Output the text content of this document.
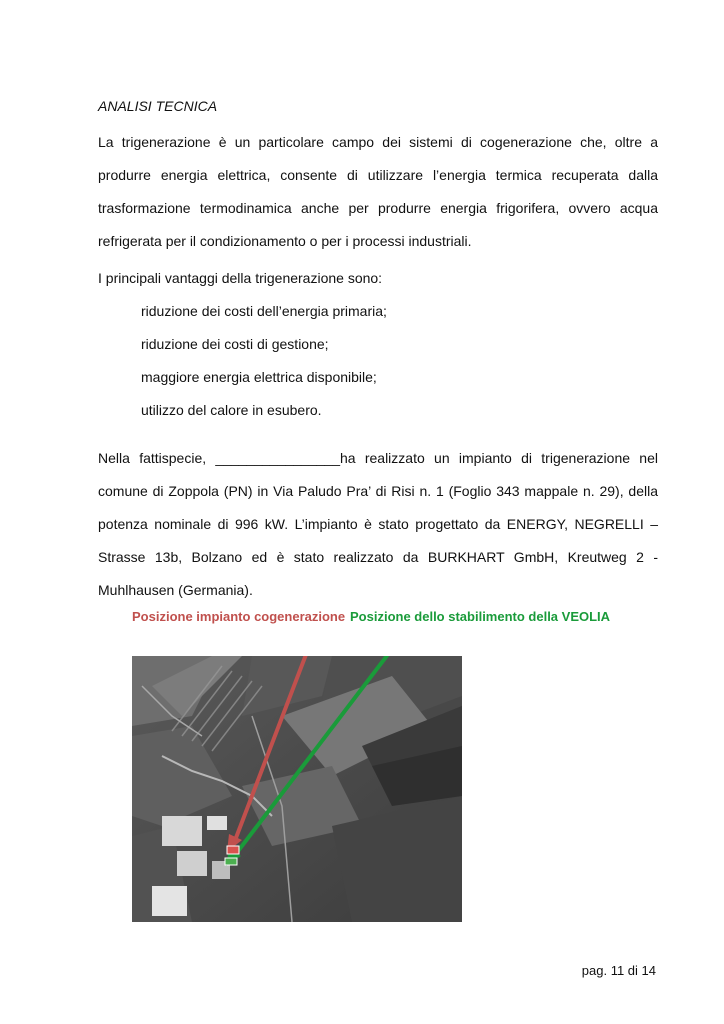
ANALISI TECNICA
La trigenerazione è un particolare campo dei sistemi di cogenerazione che, oltre a produrre energia elettrica, consente di utilizzare l’energia termica recuperata dalla trasformazione termodinamica anche per produrre energia frigorifera, ovvero acqua refrigerata per il condizionamento o per i processi industriali.
I principali vantaggi della trigenerazione sono:
riduzione dei costi dell’energia primaria;
riduzione dei costi di gestione;
maggiore energia elettrica disponibile;
utilizzo del calore in esubero.
Nella fattispecie, ________________ha realizzato un impianto di trigenerazione nel comune di Zoppola (PN) in Via Paludo Pra’ di Risi n. 1 (Foglio 343 mappale n. 29), della potenza nominale di 996 kW. L’impianto è stato progettato da ENERGY, NEGRELLI – Strasse 13b, Bolzano ed è stato realizzato da BURKHART GmbH, Kreutweg 2 - Muhlhausen (Germania).
Posizione impianto cogenerazione Posizione dello stabilimento della VEOLIA
pag. 11 di 14
